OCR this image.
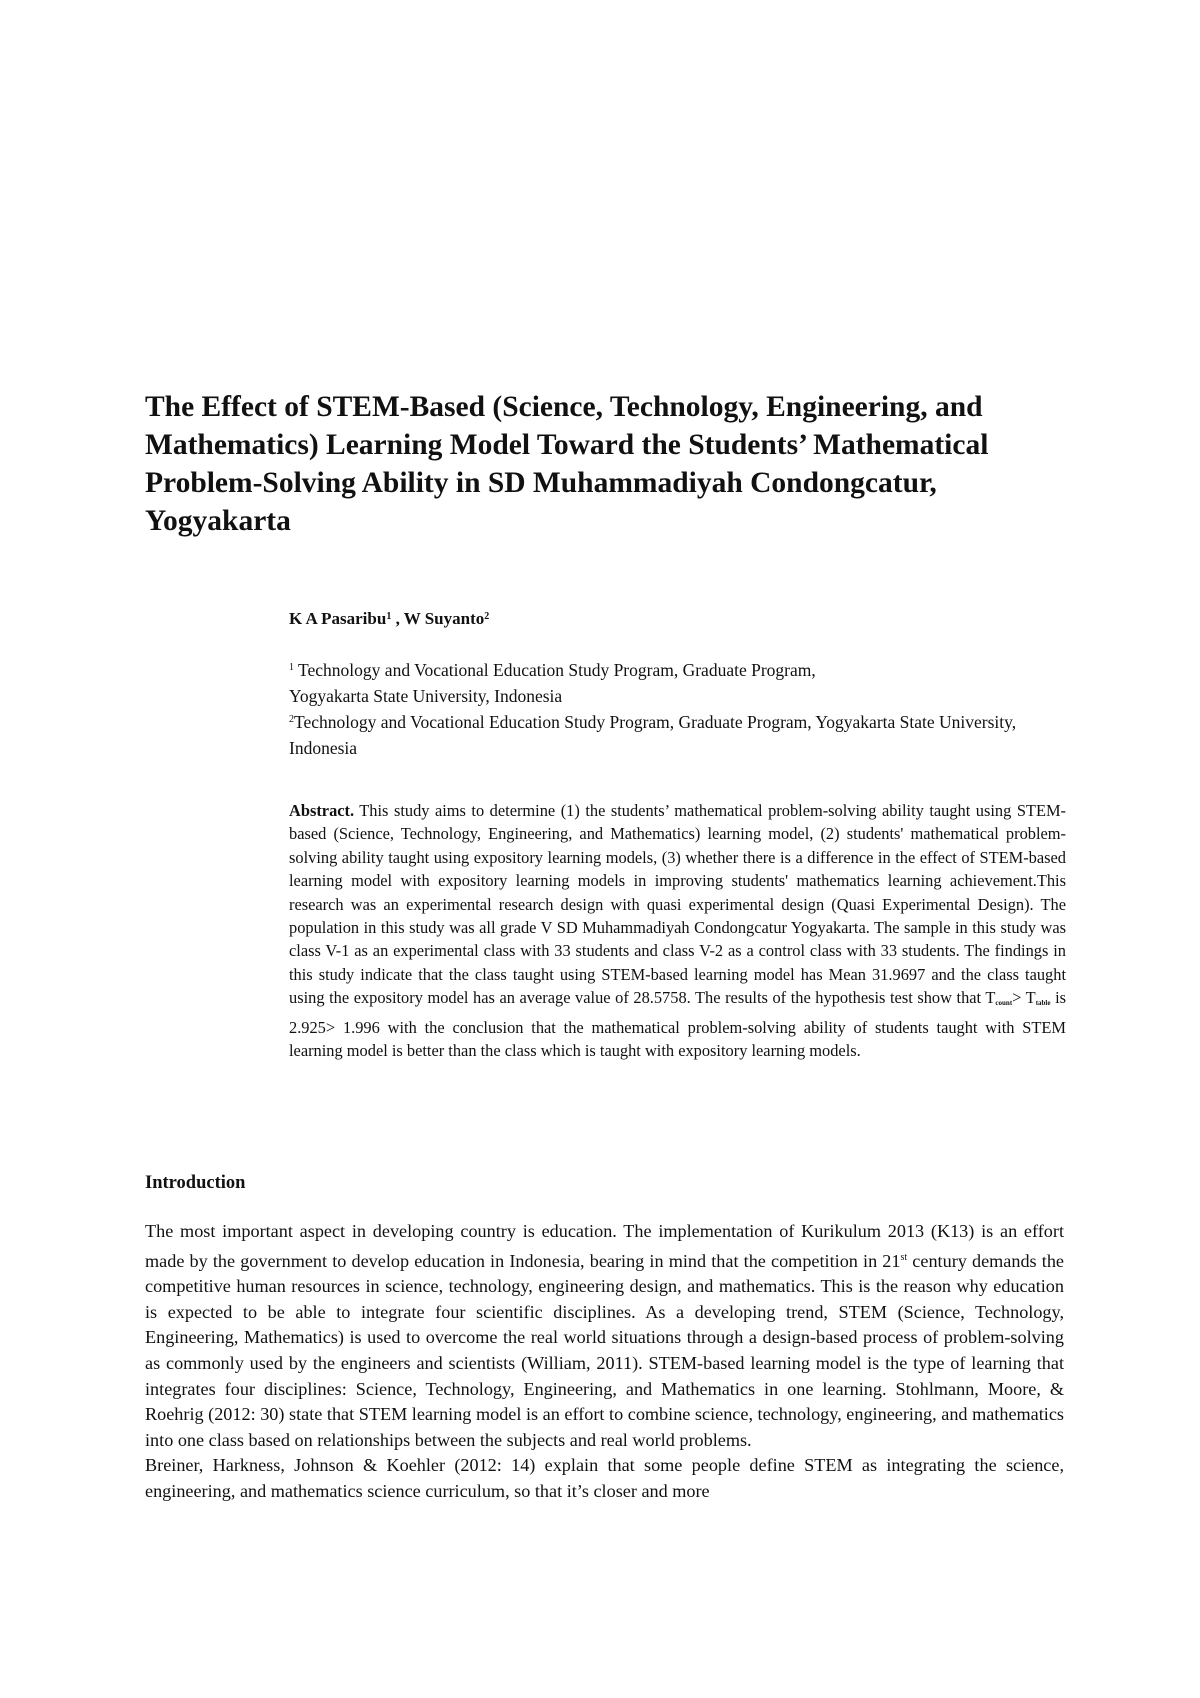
The Effect of STEM-Based (Science, Technology, Engineering, and Mathematics) Learning Model Toward the Students’ Mathematical Problem-Solving Ability in SD Muhammadiyah Condongcatur, Yogyakarta
K A Pasaribu$^1$ , W Suyanto$^2$
$^1$ Technology and Vocational Education Study Program, Graduate Program,
Yogyakarta State University, Indonesia
$^2$Technology and Vocational Education Study Program, Graduate Program, Yogyakarta State University, Indonesia

Abstract. This study aims to determine (1) the students’ mathematical problem-solving ability taught using STEM-based (Science, Technology, Engineering, and Mathematics) learning model, (2) students' mathematical problem-solving ability taught using expository learning models, (3) whether there is a difference in the effect of STEM-based learning model with expository learning models in improving students' mathematics learning achievement.This research was an experimental research design with quasi experimental design (Quasi Experimental Design). The population in this study was all grade V SD Muhammadiyah Condongcatur Yogyakarta. The sample in this study was class V-1 as an experimental class with 33 students and class V-2 as a control class with 33 students. The findings in this study indicate that the class taught using STEM-based learning model has Mean 31.9697 and the class taught using the expository model has an average value of 28.5758. The results of the hypothesis test show that $T_{count}> T_{table}$ is 2.925> 1.996 with the conclusion that the mathematical problem-solving ability of students taught with STEM learning model is better than the class which is taught with expository learning models.

Introduction

The most important aspect in developing country is education. The implementation of Kurikulum 2013 (K13) is an effort made by the government to develop education in Indonesia, bearing in mind that the competition in 21st century demands the competitive human resources in science, technology, engineering design, and mathematics. This is the reason why education is expected to be able to integrate four scientific disciplines. As a developing trend, STEM (Science, Technology, Engineering, Mathematics) is used to overcome the real world situations through a design-based process of problem-solving as commonly used by the engineers and scientists (William, 2011). STEM-based learning model is the type of learning that integrates four disciplines: Science, Technology, Engineering, and Mathematics in one learning. Stohlmann, Moore, & Roehrig (2012: 30) state that STEM learning model is an effort to combine science, technology, engineering, and mathematics into one class based on relationships between the subjects and real world problems.

Breiner, Harkness, Johnson & Koehler (2012: 14) explain that some people define STEM as integrating the science, engineering, and mathematics science curriculum, so that it’s closer and more
